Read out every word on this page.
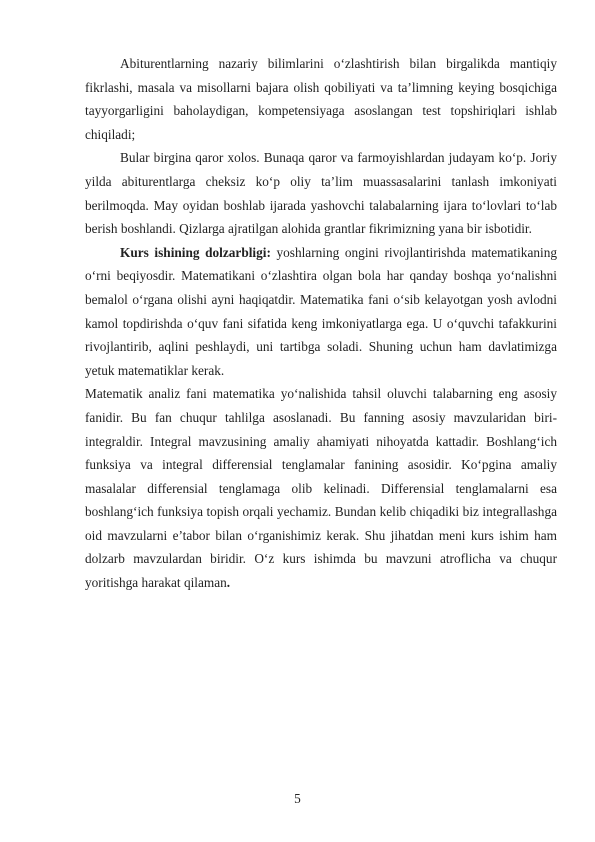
Abiturentlarning nazariy bilimlarini o‘zlashtirish bilan birgalikda mantiqiy fikrlashi, masala va misollarni bajara olish qobiliyati va ta’limning keying bosqichiga tayyorgarligini baholaydigan, kompetensiyaga asoslangan test topshiriqlari ishlab chiqiladi;

Bular birgina qaror xolos. Bunaqa qaror va farmoyishlardan judayam ko‘p. Joriy yilda abiturentlarga cheksiz ko‘p oliy ta’lim muassasalarini tanlash imkoniyati berilmoqda. May oyidan boshlab ijarada yashovchi talabalarning ijara to‘lovlari to‘lab berish boshlandi. Qizlarga ajratilgan alohida grantlar fikrimizning yana bir isbotidir.

Kurs ishining dolzarbligi: yoshlarning ongini rivojlantirishda matematikaning o‘rni beqiyosdir. Matematikani o‘zlashtira olgan bola har qanday boshqa yo‘nalishni bemalol o‘rgana olishi ayni haqiqatdir. Matematika fani o‘sib kelayotgan yosh avlodni kamol topdirishda o‘quv fani sifatida keng imkoniyatlarga ega. U o‘quvchi tafakkurini rivojlantirib, aqlini peshlaydi, uni tartibga soladi. Shuning uchun ham davlatimizga yetuk matematiklar kerak.

Matematik analiz fani matematika yo‘nalishida tahsil oluvchi talabarning eng asosiy fanidir. Bu fan chuqur tahlilga asoslanadi. Bu fanning asosiy mavzularidan biri-integraldir. Integral mavzusining amaliy ahamiyati nihoyatda kattadir. Boshlang‘ich funksiya va integral differensial tenglamalar fanining asosidir. Ko‘pgina amaliy masalalar differensial tenglamaga olib kelinadi. Differensial tenglamalarni esa boshlang‘ich funksiya topish orqali yechamiz. Bundan kelib chiqadiki biz integrallashga oid mavzularni e’tabor bilan o‘rganishimiz kerak. Shu jihatdan meni kurs ishim ham dolzarb mavzulardan biridir. O‘z kurs ishimda bu mavzuni atroflicha va chuqur yoritishga harakat qilaman.

5
